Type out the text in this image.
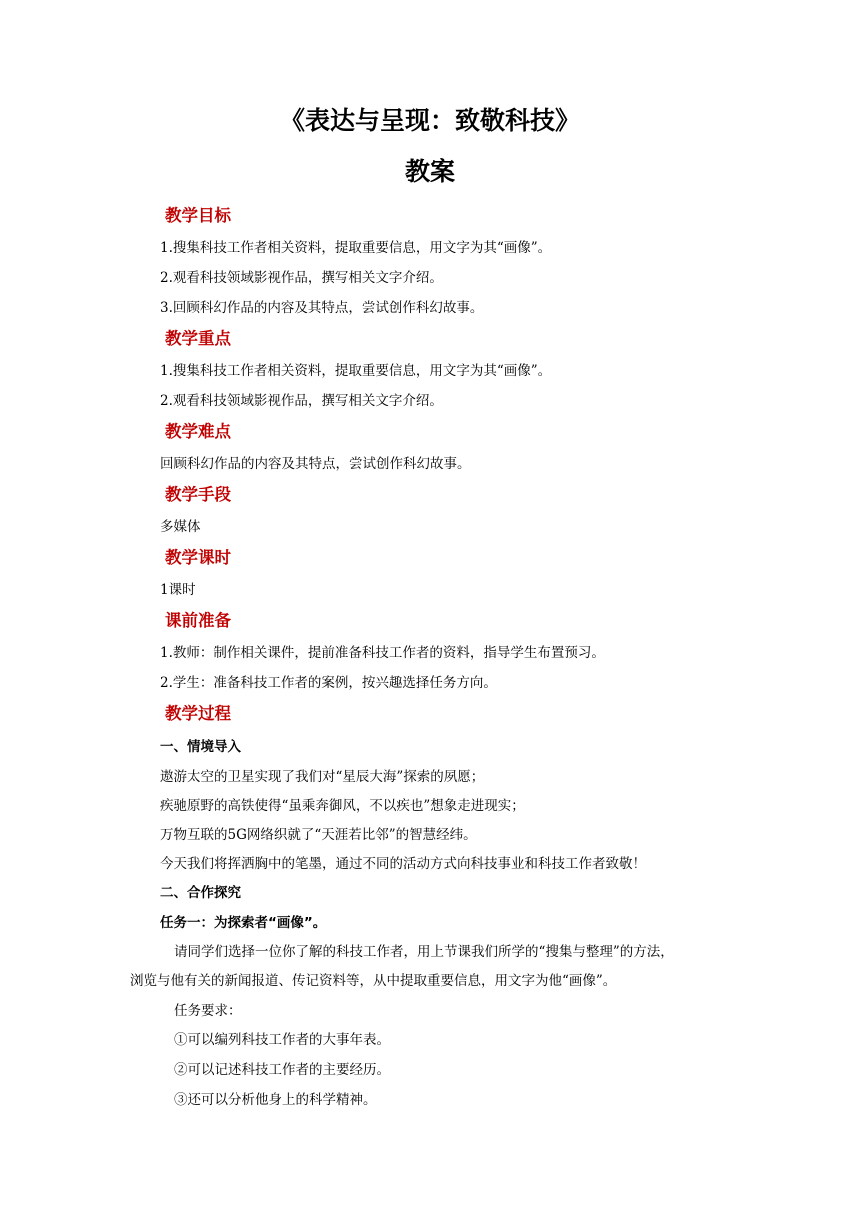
《表达与呈现：致敬科技》
教案
教学目标
1.搜集科技工作者相关资料，提取重要信息，用文字为其“画像”。
2.观看科技领域影视作品，撰写相关文字介绍。
3.回顾科幻作品的内容及其特点，尝试创作科幻故事。
教学重点
1.搜集科技工作者相关资料，提取重要信息，用文字为其“画像”。
2.观看科技领域影视作品，撰写相关文字介绍。
教学难点
回顾科幻作品的内容及其特点，尝试创作科幻故事。
教学手段
多媒体
教学课时
1课时
课前准备
1.教师：制作相关课件，提前准备科技工作者的资料，指导学生布置预习。
2.学生：准备科技工作者的案例，按兴趣选择任务方向。
教学过程
一、情境导入
遨游太空的卫星实现了我们对“星辰大海”探索的夙愿；
疾驰原野的高铁使得“虽乘奔御风，不以疾也”想象走进现实；
万物互联的5G网络织就了“天涯若比邻”的智慧经纬。
今天我们将挥洒胸中的笔墨，通过不同的活动方式向科技事业和科技工作者致敬！
二、合作探究
任务一：为探索者“画像”。
请同学们选择一位你了解的科技工作者，用上节课我们所学的“搜集与整理”的方法，
浏览与他有关的新闻报道、传记资料等，从中提取重要信息，用文字为他“画像”。
任务要求：
①可以编列科技工作者的大事年表。
②可以记述科技工作者的主要经历。
③还可以分析他身上的科学精神。
